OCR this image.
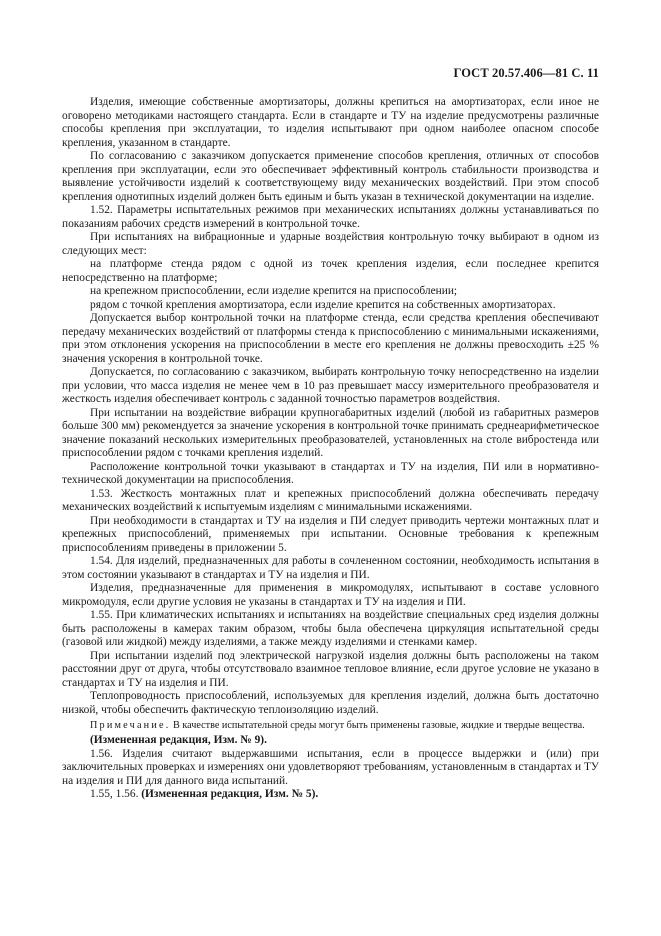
ГОСТ 20.57.406—81 С. 11

Изделия, имеющие собственные амортизаторы, должны крепиться на амортизаторах, если иное не оговорено методиками настоящего стандарта. Если в стандарте и ТУ на изделие предусмотрены различные способы крепления при эксплуатации, то изделия испытывают при одном наиболее опасном способе крепления, указанном в стандарте.

По согласованию с заказчиком допускается применение способов крепления, отличных от способов крепления при эксплуатации, если это обеспечивает эффективный контроль стабильности производства и выявление устойчивости изделий к соответствующему виду механических воздействий. При этом способ крепления однотипных изделий должен быть единым и быть указан в технической документации на изделие.

1.52. Параметры испытательных режимов при механических испытаниях должны устанавливаться по показаниям рабочих средств измерений в контрольной точке.

При испытаниях на вибрационные и ударные воздействия контрольную точку выбирают в одном из следующих мест:

на платформе стенда рядом с одной из точек крепления изделия, если последнее крепится непосредственно на платформе;

на крепежном приспособлении, если изделие крепится на приспособлении;

рядом с точкой крепления амортизатора, если изделие крепится на собственных амортизаторах.

Допускается выбор контрольной точки на платформе стенда, если средства крепления обеспечивают передачу механических воздействий от платформы стенда к приспособлению с минимальными искажениями, при этом отклонения ускорения на приспособлении в месте его крепления не должны превосходить ±25 % значения ускорения в контрольной точке.

Допускается, по согласованию с заказчиком, выбирать контрольную точку непосредственно на изделии при условии, что масса изделия не менее чем в 10 раз превышает массу измерительного преобразователя и жесткость изделия обеспечивает контроль с заданной точностью параметров воздействия.

При испытании на воздействие вибрации крупногабаритных изделий (любой из габаритных размеров больше 300 мм) рекомендуется за значение ускорения в контрольной точке принимать среднеарифметическое значение показаний нескольких измерительных преобразователей, установленных на столе вибростенда или приспособлении рядом с точками крепления изделий.

Расположение контрольной точки указывают в стандартах и ТУ на изделия, ПИ или в нормативно-технической документации на приспособления.

1.53. Жесткость монтажных плат и крепежных приспособлений должна обеспечивать передачу механических воздействий к испытуемым изделиям с минимальными искажениями.

При необходимости в стандартах и ТУ на изделия и ПИ следует приводить чертежи монтажных плат и крепежных приспособлений, применяемых при испытании. Основные требования к крепежным приспособлениям приведены в приложении 5.

1.54. Для изделий, предназначенных для работы в сочлененном состоянии, необходимость испытания в этом состоянии указывают в стандартах и ТУ на изделия и ПИ.

Изделия, предназначенные для применения в микромодулях, испытывают в составе условного микромодуля, если другие условия не указаны в стандартах и ТУ на изделия и ПИ.

1.55. При климатических испытаниях и испытаниях на воздействие специальных сред изделия должны быть расположены в камерах таким образом, чтобы была обеспечена циркуляция испытательной среды (газовой или жидкой) между изделиями, а также между изделиями и стенками камер.

При испытании изделий под электрической нагрузкой изделия должны быть расположены на таком расстоянии друг от друга, чтобы отсутствовало взаимное тепловое влияние, если другое условие не указано в стандартах и ТУ на изделия и ПИ.

Теплопроводность приспособлений, используемых для крепления изделий, должна быть достаточно низкой, чтобы обеспечить фактическую теплоизоляцию изделий.

Примечание. В качестве испытательной среды могут быть применены газовые, жидкие и твердые вещества.

(Измененная редакция, Изм. № 9).

1.56. Изделия считают выдержавшими испытания, если в процессе выдержки и (или) при заключительных проверках и измерениях они удовлетворяют требованиям, установленным в стандартах и ТУ на изделия и ПИ для данного вида испытаний.

1.55, 1.56. (Измененная редакция, Изм. № 5).
